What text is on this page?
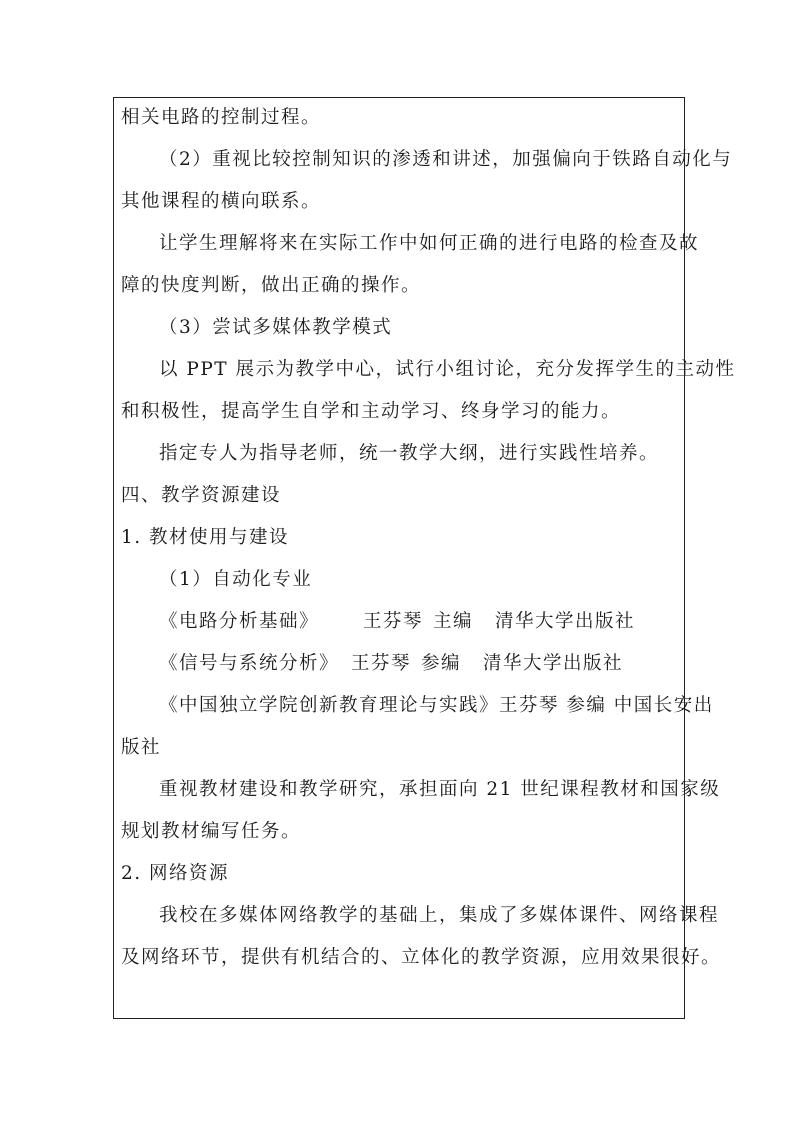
相关电路的控制过程。
（2）重视比较控制知识的渗透和讲述，加强偏向于铁路自动化与
其他课程的横向联系。
让学生理解将来在实际工作中如何正确的进行电路的检查及故
障的快度判断，做出正确的操作。
（3）尝试多媒体教学模式
以 PPT 展示为教学中心，试行小组讨论，充分发挥学生的主动性
和积极性，提高学生自学和主动学习、终身学习的能力。
指定专人为指导老师，统一教学大纲，进行实践性培养。
四、教学资源建设
1. 教材使用与建设
（1）自动化专业
《电路分析基础》 王芬琴 主编 清华大学出版社
《信号与系统分析》 王芬琴 参编 清华大学出版社
《中国独立学院创新教育理论与实践》王芬琴 参编 中国长安出
版社
重视教材建设和教学研究，承担面向 21 世纪课程教材和国家级
规划教材编写任务。
2. 网络资源
我校在多媒体网络教学的基础上，集成了多媒体课件、网络课程
及网络环节，提供有机结合的、立体化的教学资源，应用效果很好。
